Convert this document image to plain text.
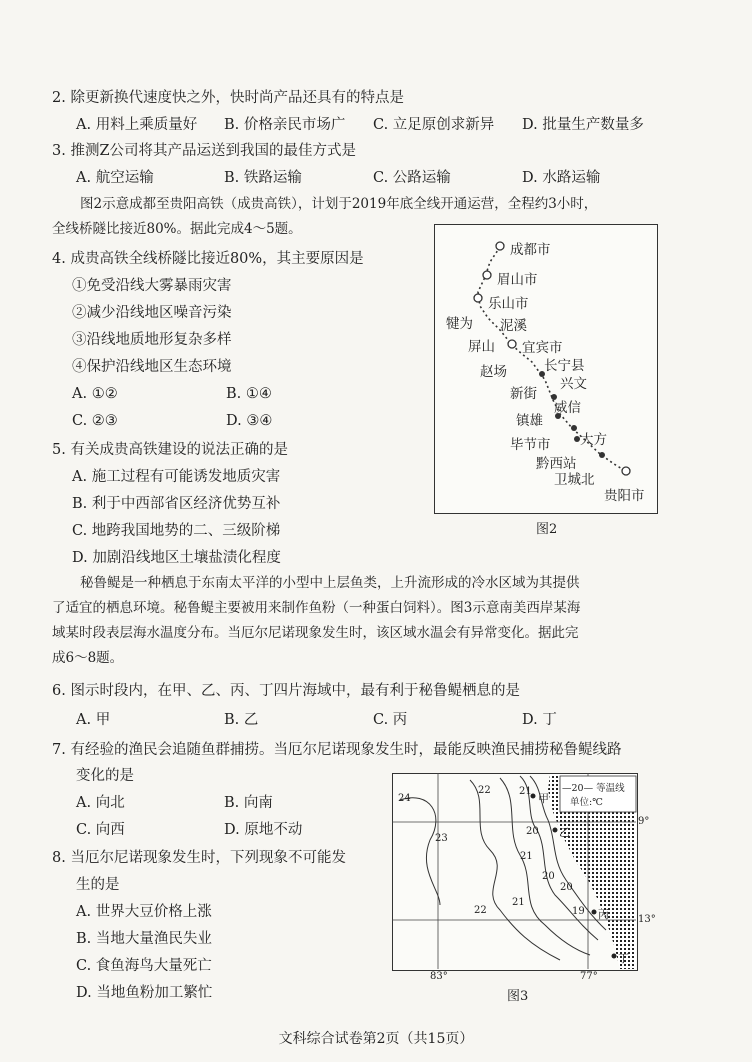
2. 除更新换代速度快之外，快时尚产品还具有的特点是
A. 用料上乘质量好 B. 价格亲民市场广 C. 立足原创求新异 D. 批量生产数量多
3. 推测Z公司将其产品运送到我国的最佳方式是
A. 航空运输	B. 铁路运输	C. 公路运输	D. 水路运输
图2示意成都至贵阳高铁（成贵高铁），计划于2019年底全线开通运营，全程约3小时，
全线桥隧比接近80%。据此完成4～5题。
4. 成贵高铁全线桥隧比接近80%，其主要原因是
①免受沿线大雾暴雨灾害
②减少沿线地区噪音污染
③沿线地质地形复杂多样
④保护沿线地区生态环境
A. ①②	B. ①④
C. ②③	D. ③④
5. 有关成贵高铁建设的说法正确的是
A. 施工过程有可能诱发地质灾害
B. 利于中西部省区经济优势互补
C. 地跨我国地势的二、三级阶梯
D. 加剧沿线地区土壤盐渍化程度
成都市
眉山市
乐山市
犍为 泥溪
屏山 宜宾市
赵场	长宁县
兴文
新街
威信
镇雄
毕节市 大方
黔西站
卫城北
贵阳市
图2
秘鲁鳀是一种栖息于东南太平洋的小型中上层鱼类，上升流形成的冷水区域为其提供
了适宜的栖息环境。秘鲁鳀主要被用来制作鱼粉（一种蛋白饲料）。图3示意南美西岸某海
域某时段表层海水温度分布。当厄尔尼诺现象发生时，该区域水温会有异常变化。据此完
成6～8题。
6. 图示时段内，在甲、乙、丙、丁四片海域中，最有利于秘鲁鳀栖息的是
A. 甲	B. 乙	C. 丙	D. 丁
7. 有经验的渔民会追随鱼群捕捞。当厄尔尼诺现象发生时，最能反映渔民捕捞秘鲁鳀线路
变化的是
A. 向北	B. 向南
C. 向西	D. 原地不动
8. 当厄尔尼诺现象发生时，下列现象不可能发
生的是
A. 世界大豆价格上涨
B. 当地大量渔民失业
C. 食鱼海鸟大量死亡
D. 当地鱼粉加工繁忙
—20— 等温线
单位:℃
9°
13°
83°	77°
甲
乙
丙
丁
24
22
23
21
21
22
21
20
19
20
20
图3
文科综合试卷第2页（共15页）
